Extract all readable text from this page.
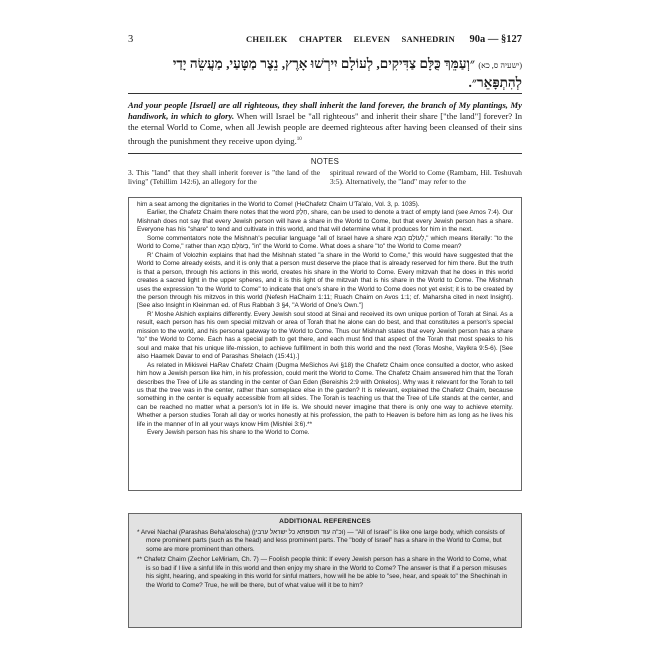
3	CHEILEK CHAPTER ELEVEN SANHEDRIN 90a — §127
(ישעיה ס, כא) ״וְעַמֵּךְ כֻּלָּם צַדִּיקִים, לְעוֹלָם יִירְשׁוּ אָרֶץ, נֵצֶר מַטָּעַי, מַעֲשֵׂה יָדַי לְהִתְפָּאֵר״.
And your people [Israel] are all righteous, they shall inherit the land forever, the branch of My plantings, My handiwork, in which to glory. When will Israel be "all righteous" and inherit their share ["the land"] forever? In the eternal World to Come, when all Jewish people are deemed righteous after having been cleansed of their sins through the punishment they receive upon dying.$^{10}$
NOTES
3. This "land" that they shall inherit forever is "the land of the living" (Tehillim 142:6), an allegory for the
spiritual reward of the World to Come (Rambam, Hil. Teshuvah 3:5). Alternatively, the "land" may refer to the

him a seat among the dignitaries in the World to Come! (HeChafetz Chaim U'Ta'alo, Vol. 3, p. 1035).

Earlier, the Chafetz Chaim there notes that the word חֵלֶק, share, can be used to denote a tract of empty land (see Amos 7:4). Our Mishnah does not say that every Jewish person will have a share in the World to Come, but that every Jewish person has a share. Everyone has his "share" to tend and cultivate in this world, and that will determine what it produces for him in the next.

Some commentators note the Mishnah's peculiar language "all of Israel have a share לָעוֹלָם הַבָּא," which means literally: "to the World to Come," rather than בָּעוֹלָם הַבָּא, "in" the World to Come. What does a share "to" the World to Come mean?

R' Chaim of Volozhin explains that had the Mishnah stated "a share in the World to Come," this would have suggested that the World to Come already exists, and it is only that a person must deserve the place that is already reserved for him there. But the truth is that a person, through his actions in this world, creates his share in the World to Come. Every mitzvah that he does in this world creates a sacred light in the upper spheres, and it is this light of the mitzvah that is his share in the World to Come. The Mishnah uses the expression "to the World to Come" to indicate that one's share in the World to Come does not yet exist; it is to be created by the person through his mitzvos in this world (Nefesh HaChaim 1:11; Ruach Chaim on Avos 1:1; cf. Maharsha cited in next Insight). [See also Insight in Kleinman ed. of Rus Rabbah 3 §4, "A World of One's Own."]

R' Moshe Alshich explains differently. Every Jewish soul stood at Sinai and received its own unique portion of Torah at Sinai. As a result, each person has his own special mitzvah or area of Torah that he alone can do best, and that constitutes a person's special mission to the world, and his personal gateway to the World to Come. Thus our Mishnah states that every Jewish person has a share "to" the World to Come. Each has a special path to get there, and each must find that aspect of the Torah that most speaks to his soul and make that his unique life-mission, to achieve fulfillment in both this world and the next (Toras Moshe, Vayikra 9:5-6). [See also Haamek Davar to end of Parashas Shelach (15:41).]

As related in Mikisvei HaRav Chafetz Chaim (Dugma MeSichos Avi §18) the Chafetz Chaim once consulted a doctor, who asked him how a Jewish person like him, in his profession, could merit the World to Come. The Chafetz Chaim answered him that the Torah describes the Tree of Life as standing in the center of Gan Eden (Bereishis 2:9 with Onkelos). Why was it relevant for the Torah to tell us that the tree was in the center, rather than someplace else in the garden? It is relevant, explained the Chafetz Chaim, because something in the center is equally accessible from all sides. The Torah is teaching us that the Tree of Life stands at the center, and can be reached no matter what a person's lot in life is. We should never imagine that there is only one way to achieve eternity. Whether a person studies Torah all day or works honestly at his profession, the path to Heaven is before him as long as he lives his life in the manner of In all your ways know Him (Mishlei 3:6).**

Every Jewish person has his share to the World to Come.

ADDITIONAL REFERENCES

* Arvei Nachal (Parashas Beha'aloscha) (וכ"ה עוד תוספתא כל ישראל ערבין) — "All of Israel" is like one large body, which consists of more prominent parts (such as the head) and less prominent parts. The "body of Israel" has a share in the World to Come, but some are more prominent than others.

** Chafetz Chaim (Zechor LeMiriam, Ch. 7) — Foolish people think: If every Jewish person has a share in the World to Come, what is so bad if I live a sinful life in this world and then enjoy my share in the World to Come? The answer is that if a person misuses his sight, hearing, and speaking in this world for sinful matters, how will he be able to "see, hear, and speak to" the Shechinah in the World to Come? True, he will be there, but of what value will it be to him?
